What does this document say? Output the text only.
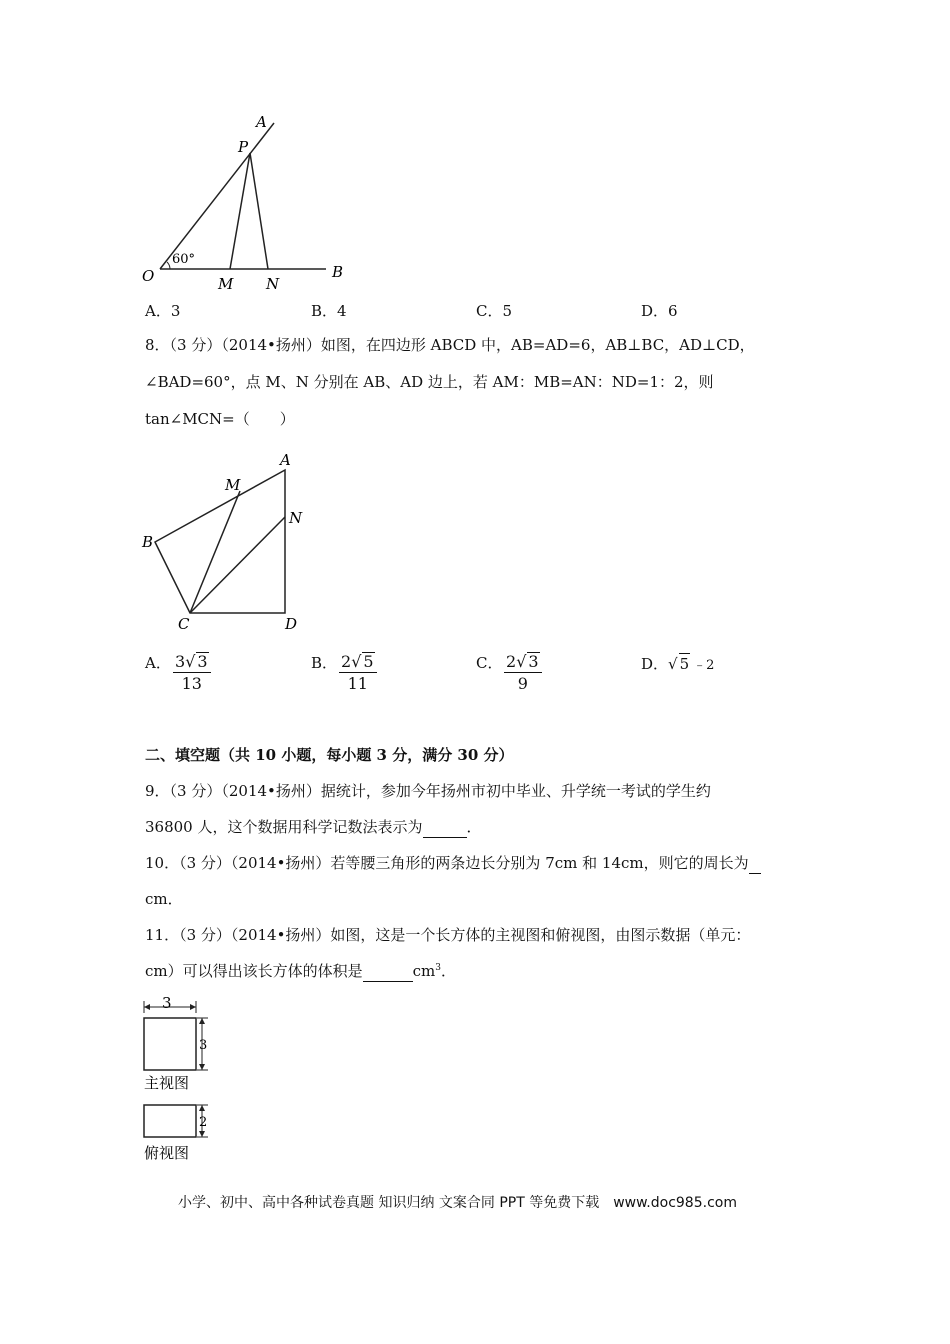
A
P
O
60°
M N
B
A．3	B．4	C．5	D．6
8．（3 分）（2014•扬州）如图，在四边形 ABCD 中，AB=AD=6，AB⊥BC，AD⊥CD，
∠BAD=60°，点 M、N 分别在 AB、AD 边上，若 AM：MB=AN：ND=1：2，则
tan∠MCN=（　　）
A
M
N
B
C	D
A． $\frac{3√ 3}{13}$	B． $\frac{2√ 5}{11}$	C． $\frac{2√ 3}{9}$	D．√ 5 ﹣2
二、填空题（共 10 小题，每小题 3 分，满分 30 分）
9．（3 分）（2014•扬州）据统计，参加今年扬州市初中毕业、升学统一考试的学生约
36800 人，这个数据用科学记数法表示为	．
10．（3 分）（2014•扬州）若等腰三角形的两条边长分别为 7cm 和 14cm，则它的周长为
cm．
11．（3 分）（2014•扬州）如图，这是一个长方体的主视图和俯视图，由图示数据（单元：
cm）可以得出该长方体的体积是	$cm^3$．
3
3
主视图
2
俯视图
小学、初中、高中各种试卷真题 知识归纳 文案合同 PPT 等免费下载　www.doc985.com
